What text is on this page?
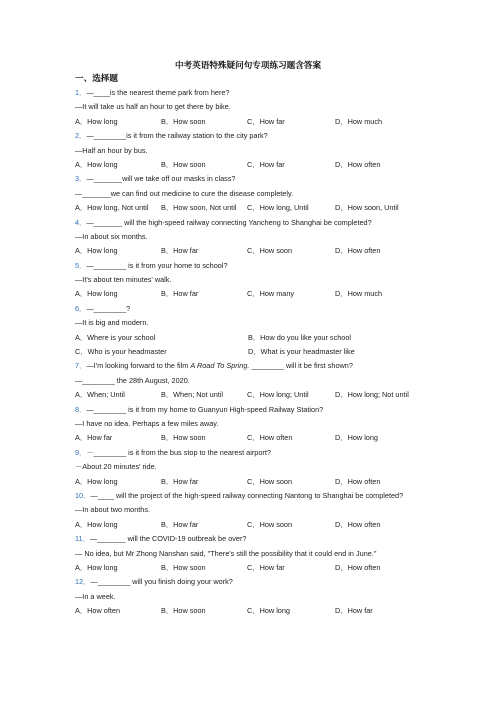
中考英语特殊疑问句专项练习题含答案
一、选择题
1．—____is the nearest theme park from here?
—It will take us half an hour to get there by bike.
A．How long	B．How soon	C．How far	D．How much
2．—________is it from the railway station to the city park?
—Half an hour by bus.
A．How long	B．How soon	C．How far	D．How often
3．—_______will we take off our masks in class?
—_______we can find out medicine to cure the disease completely.
A．How long, Not until	B．How soon, Not until	C．How long, Until	D．How soon, Until
4．—_______ will the high-speed railway connecting Yancheng to Shanghai be completed?
—In about six months.
A．How long	B．How far	C．How soon	D．How often
5．—________ is it from your home to school?
—It's about ten minutes' walk.
A．How long	B．How far	C．How many	D．How much
6．—________?
—It is big and modern.
A．Where is your school	B．How do you like your school
C．Who is your headmaster	D．What is your headmaster like
7．—I'm looking forward to the film A Road To Spring. ________ will it be first shown?
—________ the 28th August, 2020.
A．When; Until	B．When; Not until	C．How long; Until	D．How long; Not until
8．—________ is it from my home to Guanyun High-speed Railway Station?
—I have no idea. Perhaps a few miles away.
A．How far	B．How soon	C．How often	D．How long
9．－________ is it from the bus stop to the nearest airport?
－About 20 minutes' ride.
A．How long	B．How far	C．How soon	D．How often
10．—____ will the project of the high-speed railway connecting Nantong to Shanghai be completed?
—In about two months.
A．How long	B．How far	C．How soon	D．How often
11．—_______ will the COVID-19 outbreak be over?
— No idea, but Mr Zhong Nanshan said, "There's still the possibility that it could end in June."
A．How long	B．How soon	C．How far	D．How often
12．—________ will you finish doing your work?
—In a week.
A．How often	B．How soon	C．How long	D．How far
